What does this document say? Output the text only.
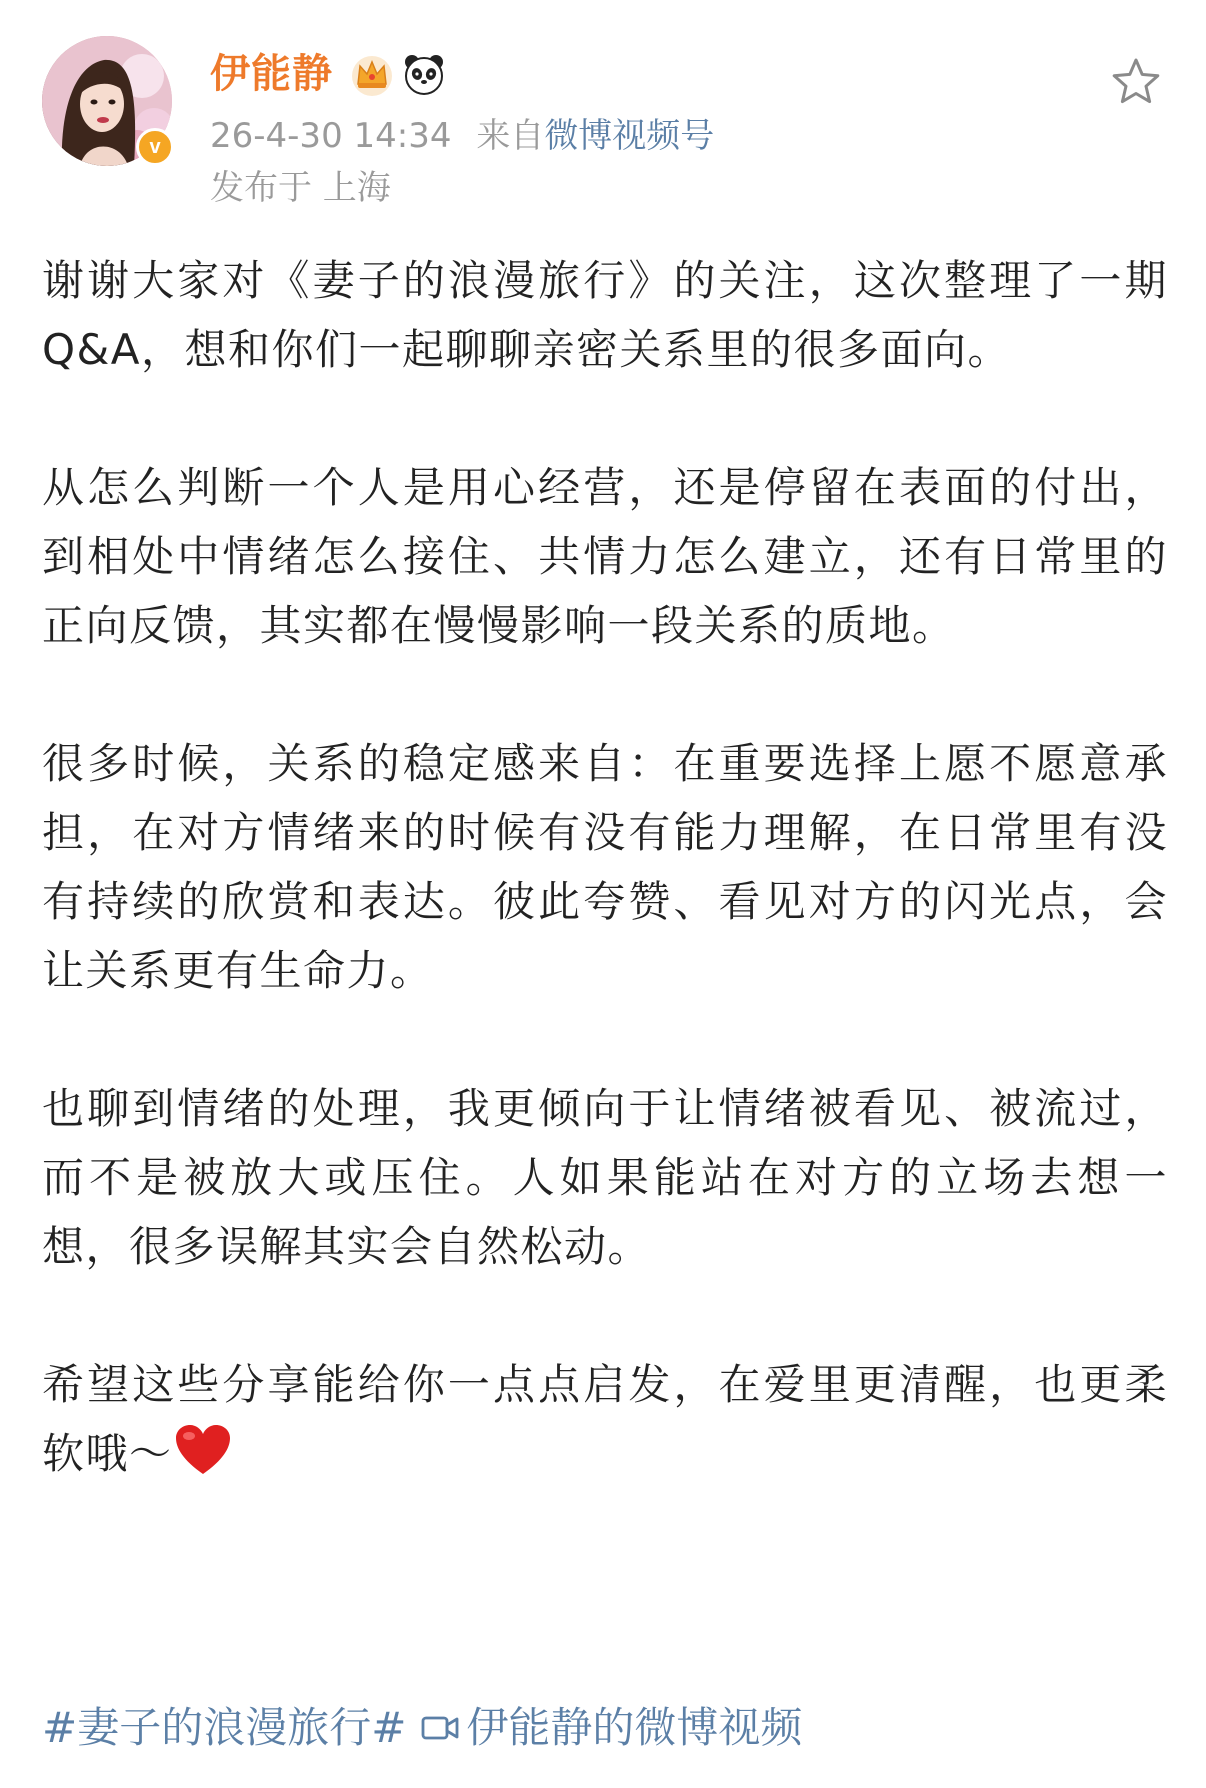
v
伊能静
26-4-30 14:34 来自微博视频号
发布于 上海

谢谢大家对《妻子的浪漫旅行》的关注，这次整理了一期 Q&A，想和你们一起聊聊亲密关系里的很多面向。

从怎么判断一个人是用心经营，还是停留在表面的付出，到相处中情绪怎么接住、共情力怎么建立，还有日常里的正向反馈，其实都在慢慢影响一段关系的质地。

很多时候，关系的稳定感来自：在重要选择上愿不愿意承担，在对方情绪来的时候有没有能力理解，在日常里有没有持续的欣赏和表达。彼此夸赞、看见对方的闪光点，会让关系更有生命力。

也聊到情绪的处理，我更倾向于让情绪被看见、被流过，而不是被放大或压住。人如果能站在对方的立场去想一想，很多误解其实会自然松动。

希望这些分享能给你一点点启发，在爱里更清醒，也更柔软哦～

#妻子的浪漫旅行# 伊能静的微博视频
